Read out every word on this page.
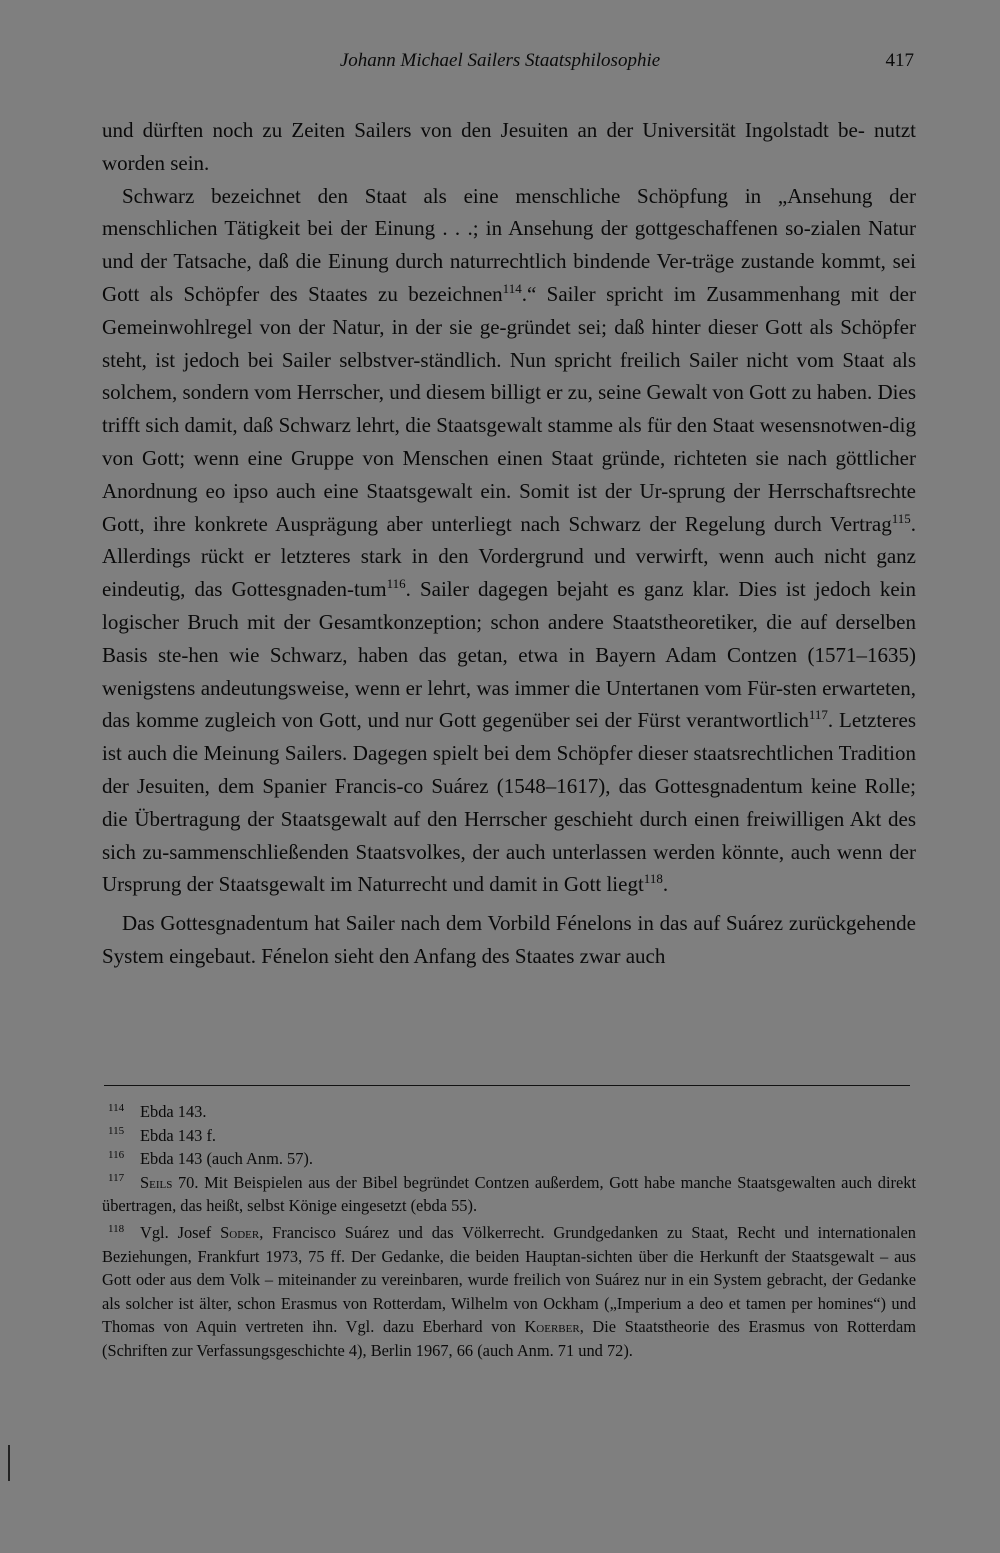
Johann Michael Sailers Staatsphilosophie	417

und dürften noch zu Zeiten Sailers von den Jesuiten an der Universität Ingolstadt be- nutzt worden sein.

Schwarz bezeichnet den Staat als eine menschliche Schöpfung in „Ansehung der menschlichen Tätigkeit bei der Einung . . .; in Ansehung der gottgeschaffenen so-zialen Natur und der Tatsache, daß die Einung durch naturrechtlich bindende Ver-träge zustande kommt, sei Gott als Schöpfer des Staates zu bezeichnen$^{114}$.“ Sailer spricht im Zusammenhang mit der Gemeinwohlregel von der Natur, in der sie ge-gründet sei; daß hinter dieser Gott als Schöpfer steht, ist jedoch bei Sailer selbstver-ständlich. Nun spricht freilich Sailer nicht vom Staat als solchem, sondern vom Herrscher, und diesem billigt er zu, seine Gewalt von Gott zu haben. Dies trifft sich damit, daß Schwarz lehrt, die Staatsgewalt stamme als für den Staat wesensnotwen-dig von Gott; wenn eine Gruppe von Menschen einen Staat gründe, richteten sie nach göttlicher Anordnung eo ipso auch eine Staatsgewalt ein. Somit ist der Ur-sprung der Herrschaftsrechte Gott, ihre konkrete Ausprägung aber unterliegt nach Schwarz der Regelung durch Vertrag$^{115}$. Allerdings rückt er letzteres stark in den Vordergrund und verwirft, wenn auch nicht ganz eindeutig, das Gottesgnaden-tum$^{116}$. Sailer dagegen bejaht es ganz klar. Dies ist jedoch kein logischer Bruch mit der Gesamtkonzeption; schon andere Staatstheoretiker, die auf derselben Basis ste-hen wie Schwarz, haben das getan, etwa in Bayern Adam Contzen (1571–1635) wenigstens andeutungsweise, wenn er lehrt, was immer die Untertanen vom Für-sten erwarteten, das komme zugleich von Gott, und nur Gott gegenüber sei der Fürst verantwortlich$^{117}$. Letzteres ist auch die Meinung Sailers. Dagegen spielt bei dem Schöpfer dieser staatsrechtlichen Tradition der Jesuiten, dem Spanier Francis-co Suárez (1548–1617), das Gottesgnadentum keine Rolle; die Übertragung der Staatsgewalt auf den Herrscher geschieht durch einen freiwilligen Akt des sich zu-sammenschließenden Staatsvolkes, der auch unterlassen werden könnte, auch wenn der Ursprung der Staatsgewalt im Naturrecht und damit in Gott liegt$^{118}$.

Das Gottesgnadentum hat Sailer nach dem Vorbild Fénelons in das auf Suárez zurückgehende System eingebaut. Fénelon sieht den Anfang des Staates zwar auch

114 Ebda 143.

115 Ebda 143 f.

116 Ebda 143 (auch Anm. 57).

117 Seils 70. Mit Beispielen aus der Bibel begründet Contzen außerdem, Gott habe manche Staatsgewalten auch direkt übertragen, das heißt, selbst Könige eingesetzt (ebda 55).

118 Vgl. Josef Soder, Francisco Suárez und das Völkerrecht. Grundgedanken zu Staat, Recht und internationalen Beziehungen, Frankfurt 1973, 75 ff. Der Gedanke, die beiden Hauptan-sichten über die Herkunft der Staatsgewalt – aus Gott oder aus dem Volk – miteinander zu vereinbaren, wurde freilich von Suárez nur in ein System gebracht, der Gedanke als solcher ist älter, schon Erasmus von Rotterdam, Wilhelm von Ockham („Imperium a deo et tamen per homines“) und Thomas von Aquin vertreten ihn. Vgl. dazu Eberhard von Koerber, Die Staatstheorie des Erasmus von Rotterdam (Schriften zur Verfassungsgeschichte 4), Berlin 1967, 66 (auch Anm. 71 und 72).
